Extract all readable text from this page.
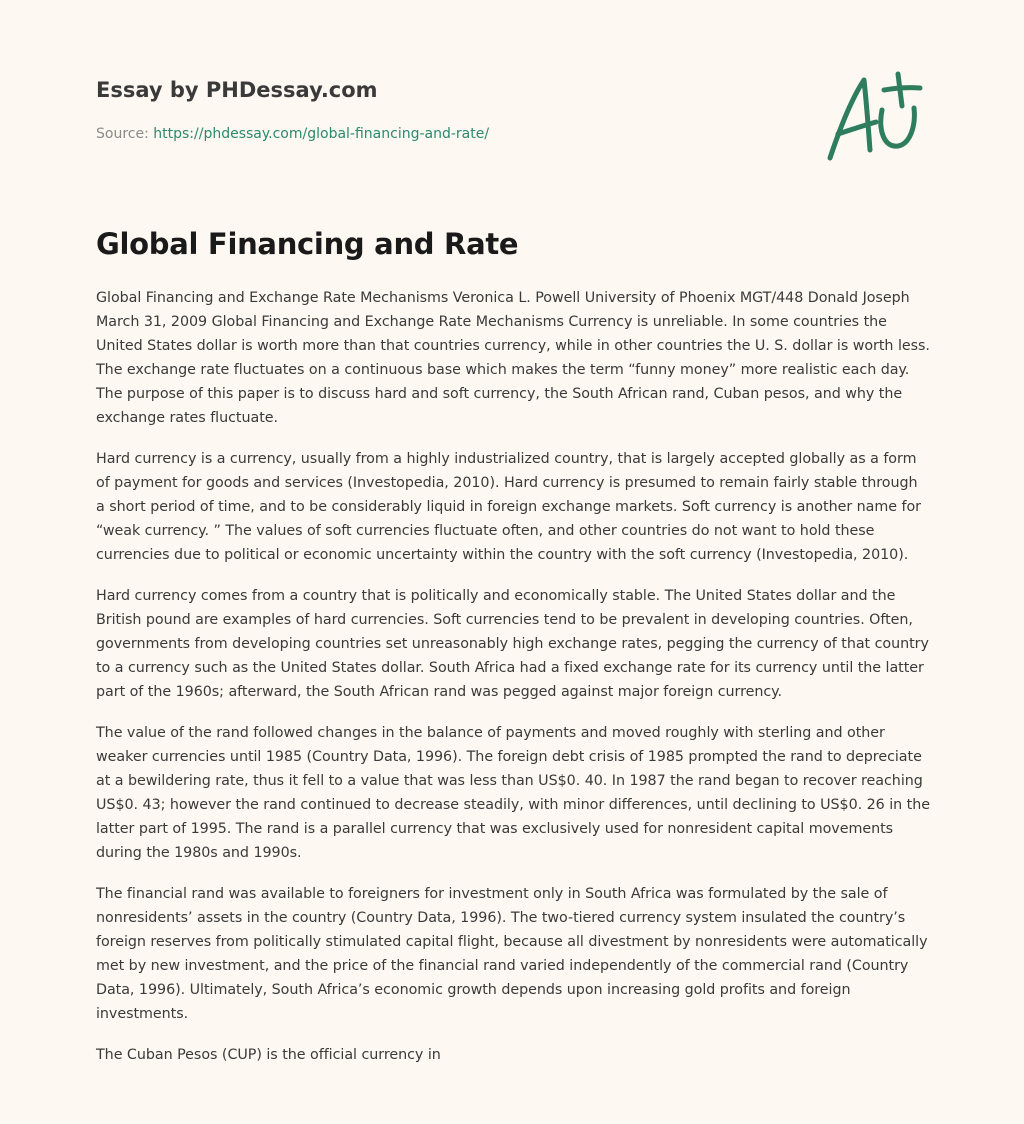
Essay by PHDessay.com

Source: https://phdessay.com/global-financing-and-rate/
Global Financing and Rate

Global Financing and Exchange Rate Mechanisms Veronica L. Powell University of Phoenix MGT/448 Donald Joseph March 31, 2009 Global Financing and Exchange Rate Mechanisms Currency is unreliable. In some countries the United States dollar is worth more than that countries currency, while in other countries the U. S. dollar is worth less. The exchange rate fluctuates on a continuous base which makes the term “funny money” more realistic each day. The purpose of this paper is to discuss hard and soft currency, the South African rand, Cuban pesos, and why the exchange rates fluctuate.

Hard currency is a currency, usually from a highly industrialized country, that is largely accepted globally as a form of payment for goods and services (Investopedia, 2010). Hard currency is presumed to remain fairly stable through a short period of time, and to be considerably liquid in foreign exchange markets. Soft currency is another name for “weak currency. ” The values of soft currencies fluctuate often, and other countries do not want to hold these currencies due to political or economic uncertainty within the country with the soft currency (Investopedia, 2010).

Hard currency comes from a country that is politically and economically stable. The United States dollar and the British pound are examples of hard currencies. Soft currencies tend to be prevalent in developing countries. Often, governments from developing countries set unreasonably high exchange rates, pegging the currency of that country to a currency such as the United States dollar. South Africa had a fixed exchange rate for its currency until the latter part of the 1960s; afterward, the South African rand was pegged against major foreign currency.

The value of the rand followed changes in the balance of payments and moved roughly with sterling and other weaker currencies until 1985 (Country Data, 1996). The foreign debt crisis of 1985 prompted the rand to depreciate at a bewildering rate, thus it fell to a value that was less than US$0. 40. In 1987 the rand began to recover reaching US$0. 43; however the rand continued to decrease steadily, with minor differences, until declining to US$0. 26 in the latter part of 1995. The rand is a parallel currency that was exclusively used for nonresident capital movements during the 1980s and 1990s.

The financial rand was available to foreigners for investment only in South Africa was formulated by the sale of nonresidents’ assets in the country (Country Data, 1996). The two-tiered currency system insulated the country’s foreign reserves from politically stimulated capital flight, because all divestment by nonresidents were automatically met by new investment, and the price of the financial rand varied independently of the commercial rand (Country Data, 1996). Ultimately, South Africa’s economic growth depends upon increasing gold profits and foreign investments.

The Cuban Pesos (CUP) is the official currency in
